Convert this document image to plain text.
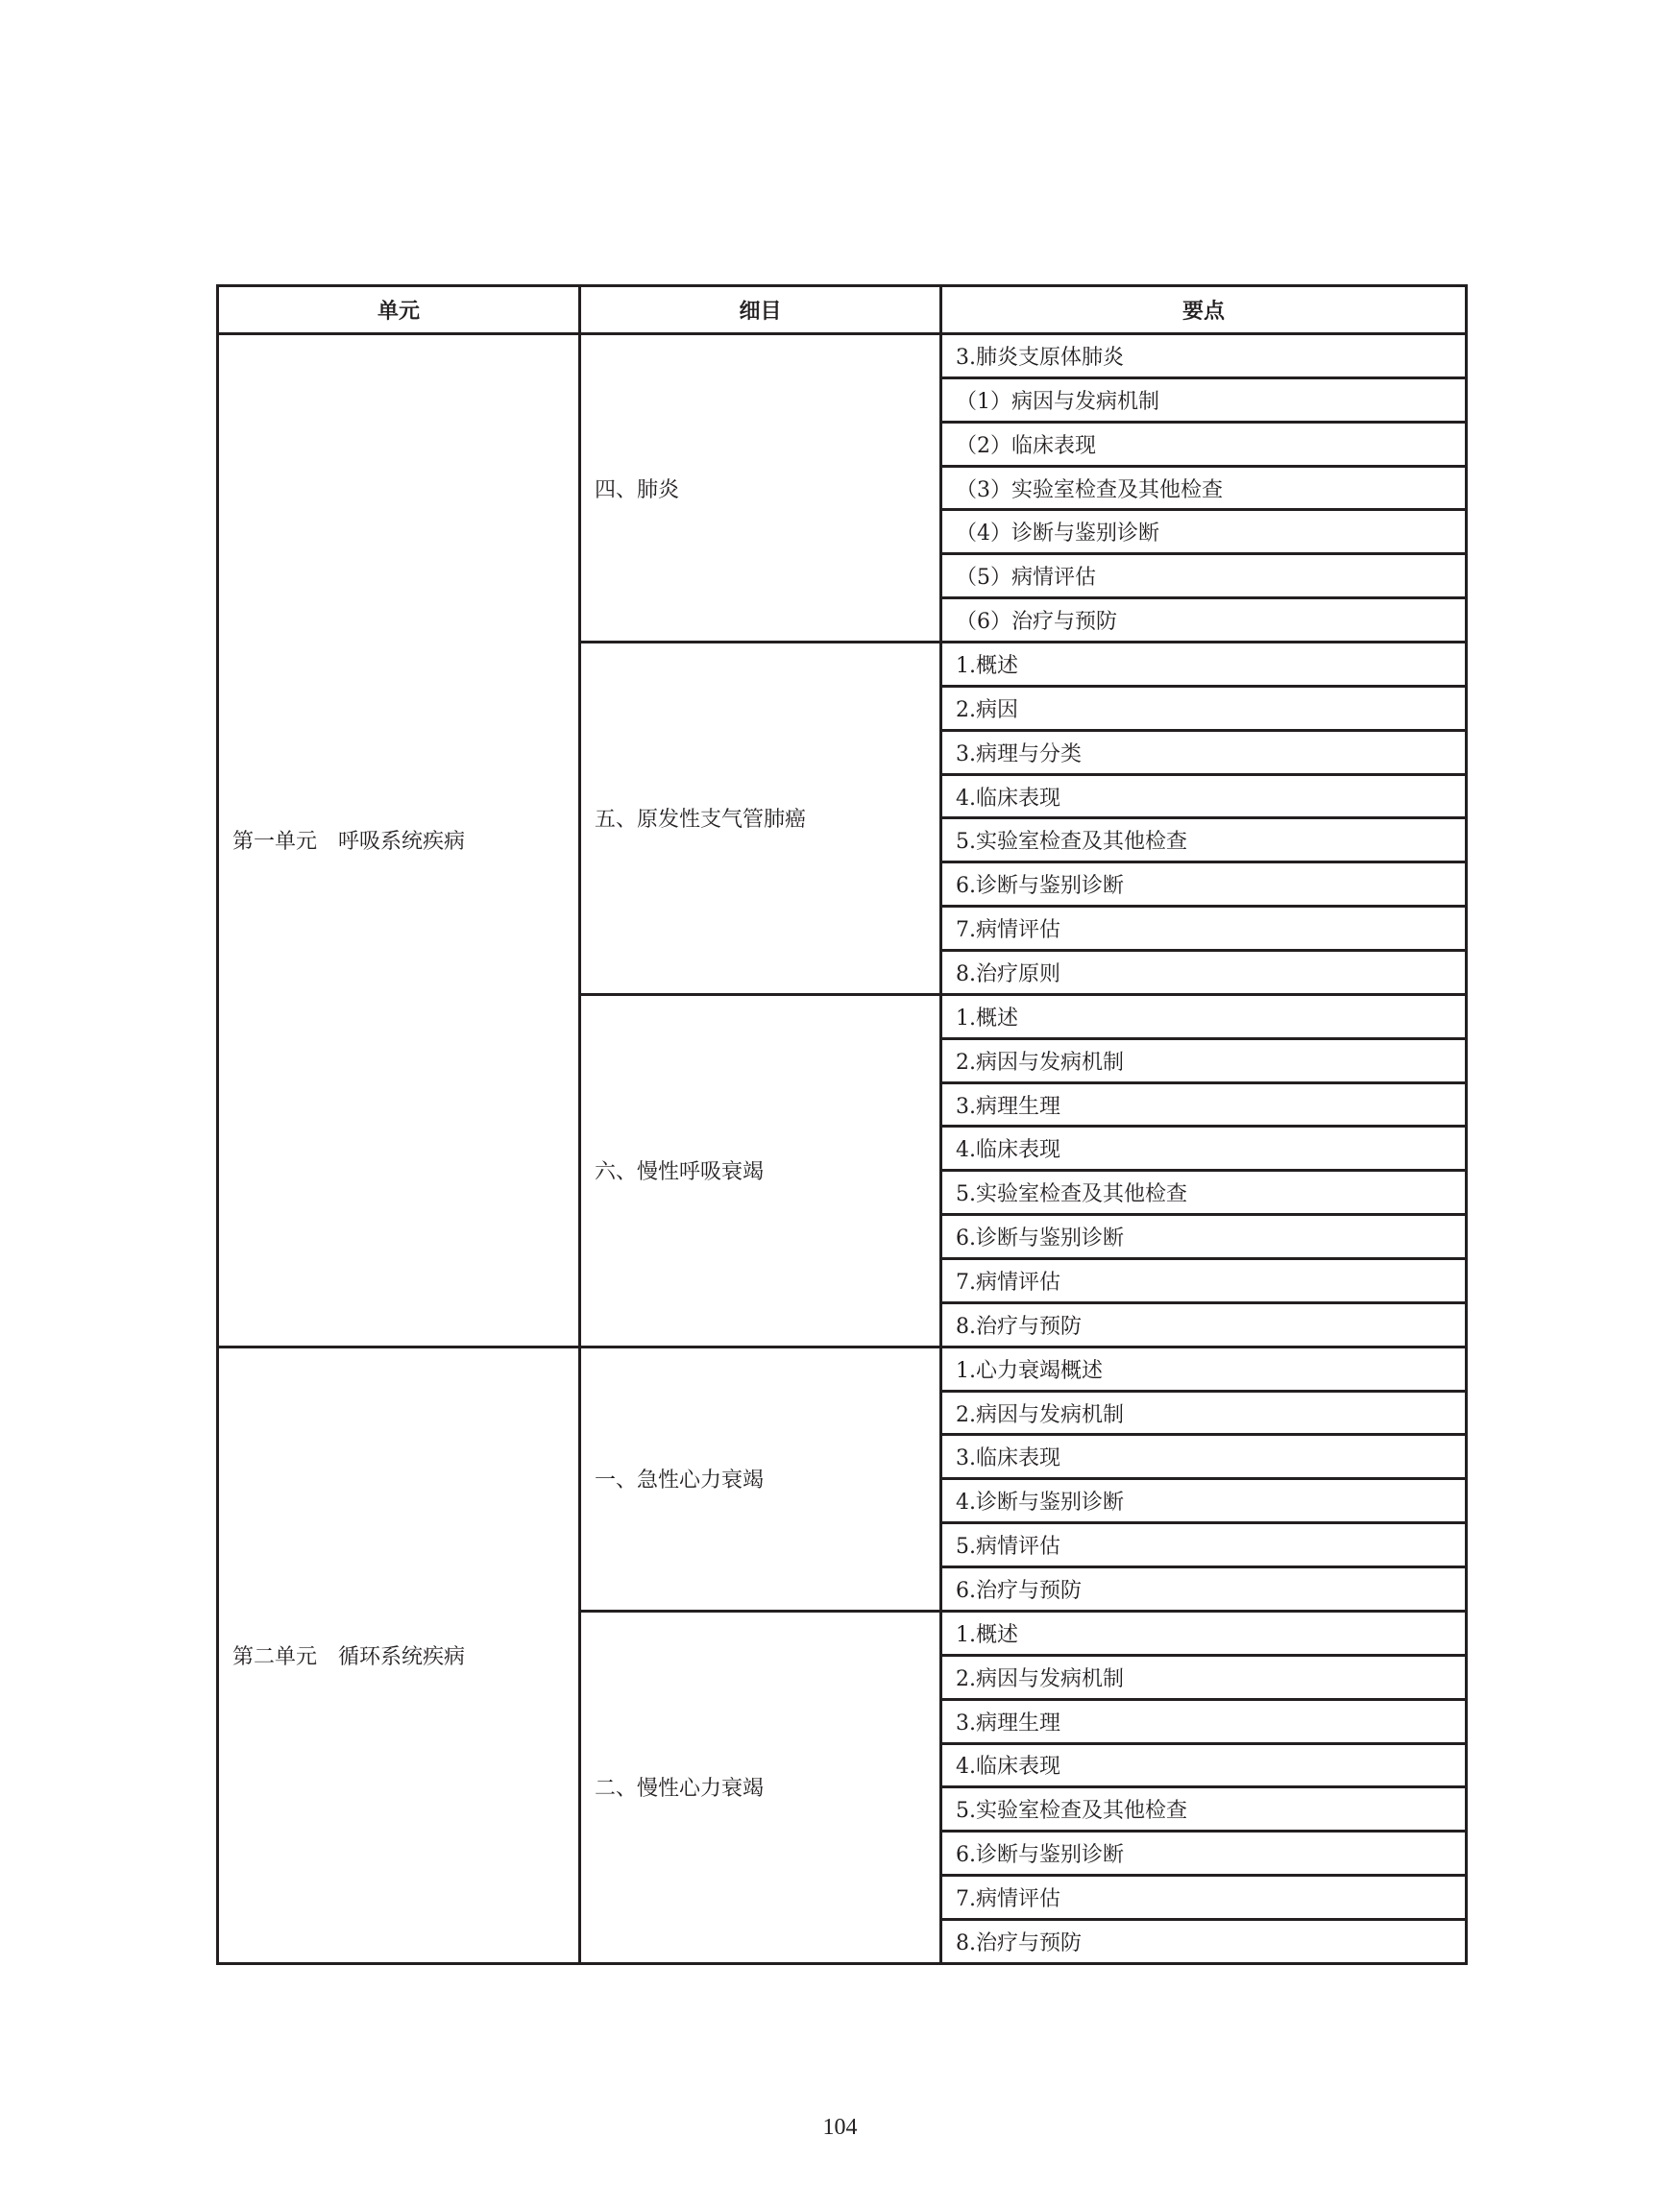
单元	细目	要点
第一单元　呼吸系统疾病	四、肺炎	3.肺炎支原体肺炎
		（1）病因与发病机制
		（2）临床表现
		（3）实验室检查及其他检查
		（4）诊断与鉴别诊断
		（5）病情评估
		（6）治疗与预防
	五、原发性支气管肺癌	1.概述
		2.病因
		3.病理与分类
		4.临床表现
		5.实验室检查及其他检查
		6.诊断与鉴别诊断
		7.病情评估
		8.治疗原则
	六、慢性呼吸衰竭	1.概述
		2.病因与发病机制
		3.病理生理
		4.临床表现
		5.实验室检查及其他检查
		6.诊断与鉴别诊断
		7.病情评估
		8.治疗与预防
第二单元　循环系统疾病	一、急性心力衰竭	1.心力衰竭概述
		2.病因与发病机制
		3.临床表现
		4.诊断与鉴别诊断
		5.病情评估
		6.治疗与预防
	二、慢性心力衰竭	1.概述
		2.病因与发病机制
		3.病理生理
		4.临床表现
		5.实验室检查及其他检查
		6.诊断与鉴别诊断
		7.病情评估
		8.治疗与预防
104
